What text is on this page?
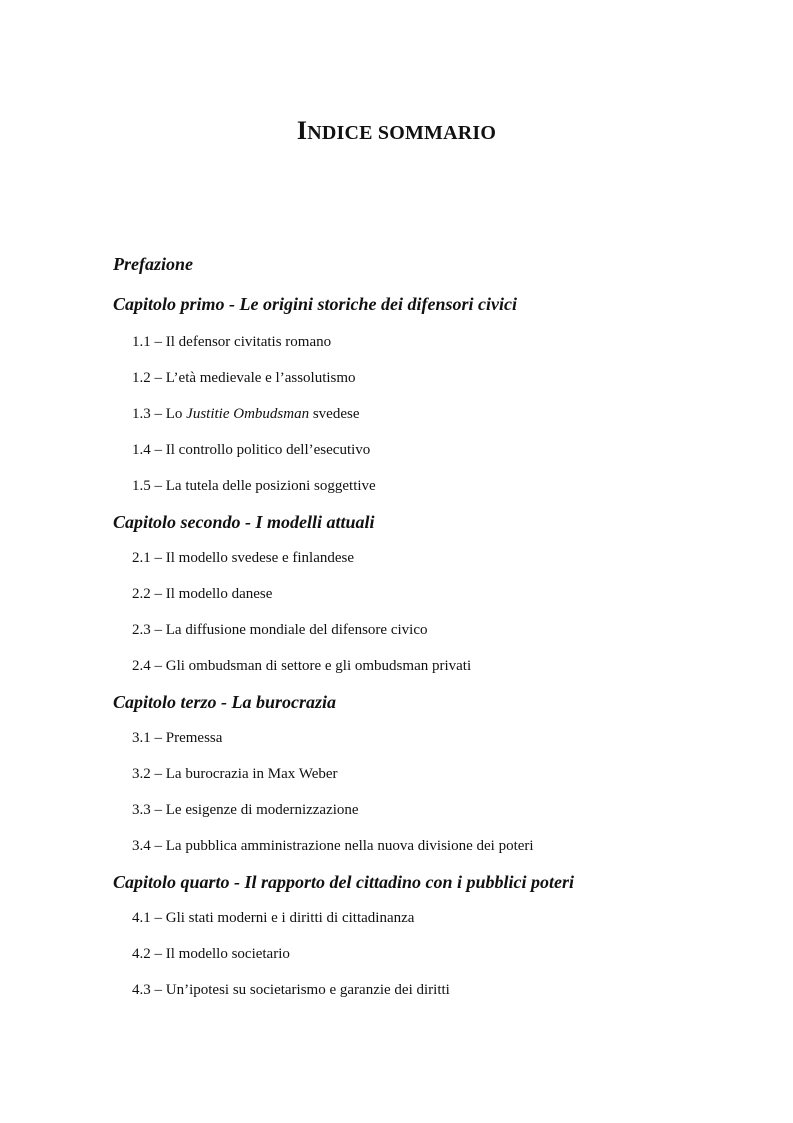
INDICE SOMMARIO
Prefazione
Capitolo primo - Le origini storiche dei difensori civici
1.1 – Il defensor civitatis romano
1.2 – L’età medievale e l’assolutismo
1.3 – Lo Justitie Ombudsman svedese
1.4 – Il controllo politico dell’esecutivo
1.5 – La tutela delle posizioni soggettive
Capitolo secondo - I modelli attuali
2.1 – Il modello svedese e finlandese
2.2 – Il modello danese
2.3 – La diffusione mondiale del difensore civico
2.4 – Gli ombudsman di settore e gli ombudsman privati
Capitolo terzo - La burocrazia
3.1 – Premessa
3.2 – La burocrazia in Max Weber
3.3 – Le esigenze di modernizzazione
3.4 – La pubblica amministrazione nella nuova divisione dei poteri
Capitolo quarto - Il rapporto del cittadino con i pubblici poteri
4.1 – Gli stati moderni e i diritti di cittadinanza
4.2 – Il modello societario
4.3 – Un’ipotesi su societarismo e garanzie dei diritti
